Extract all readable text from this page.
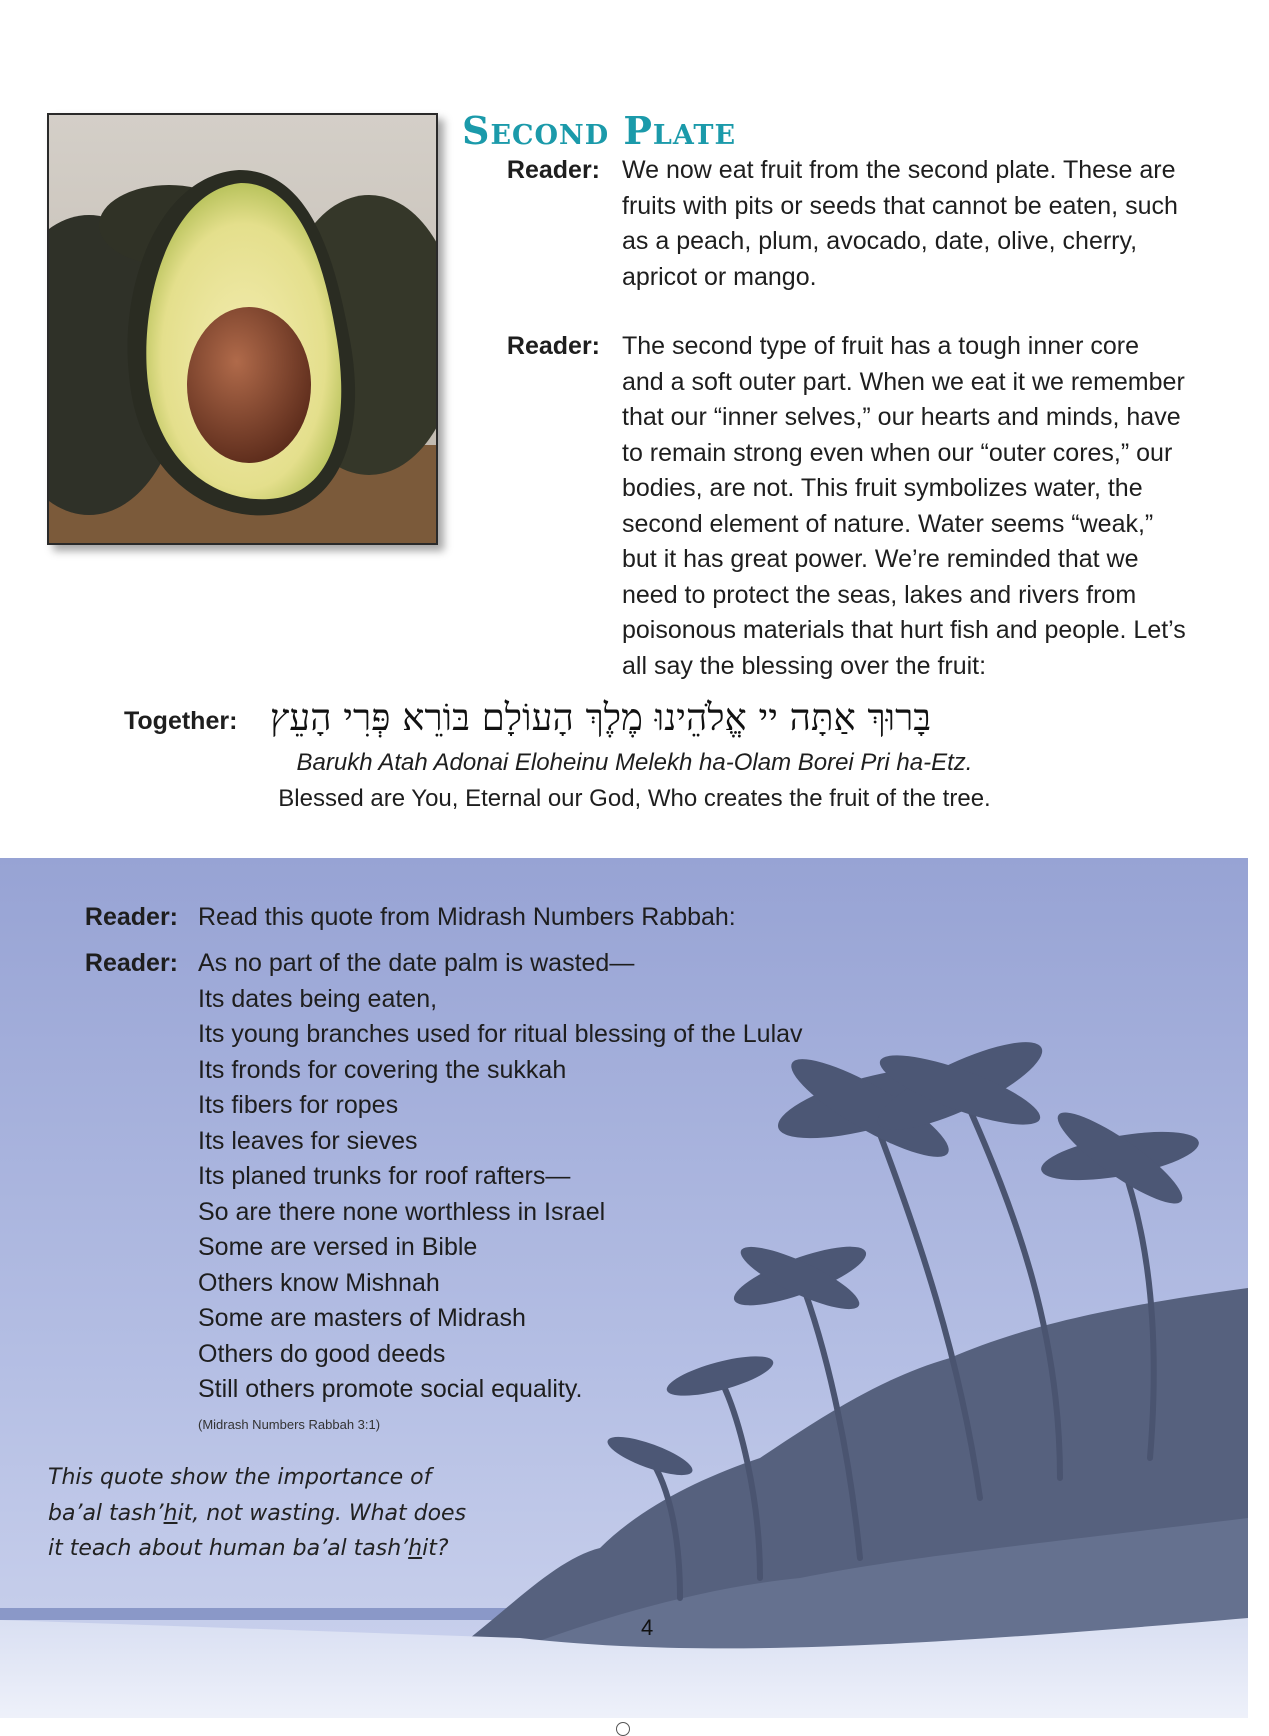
Second Plate
Reader: We now eat fruit from the second plate. These are fruits with pits or seeds that cannot be eaten, such as a peach, plum, avocado, date, olive, cherry, apricot or mango.
Reader: The second type of fruit has a tough inner core and a soft outer part. When we eat it we remember that our “inner selves,” our hearts and minds, have to remain strong even when our “outer cores,” our bodies, are not. This fruit symbolizes water, the second element of nature. Water seems “weak,” but it has great power. We’re reminded that we need to protect the seas, lakes and rivers from poisonous materials that hurt fish and people. Let’s all say the blessing over the fruit:
Together: בָּרוּךְ אַתָּה יי אֱלֹהֵינוּ מֶלֶךְ הָעוֹלָם בּוֹרֵא פְּרִי הָעֵץ
Barukh Atah Adonai Eloheinu Melekh ha-Olam Borei Pri ha-Etz.
Blessed are You, Eternal our God, Who creates the fruit of the tree.
Reader: Read this quote from Midrash Numbers Rabbah:
Reader: As no part of the date palm is wasted—
Its dates being eaten,
Its young branches used for ritual blessing of the Lulav
Its fronds for covering the sukkah
Its fibers for ropes
Its leaves for sieves
Its planed trunks for roof rafters—
So are there none worthless in Israel
Some are versed in Bible
Others know Mishnah
Some are masters of Midrash
Others do good deeds
Still others promote social equality.
(Midrash Numbers Rabbah 3:1)
This quote show the importance of ba’al tash’hit, not wasting. What does it teach about human ba’al tash’hit?
4
